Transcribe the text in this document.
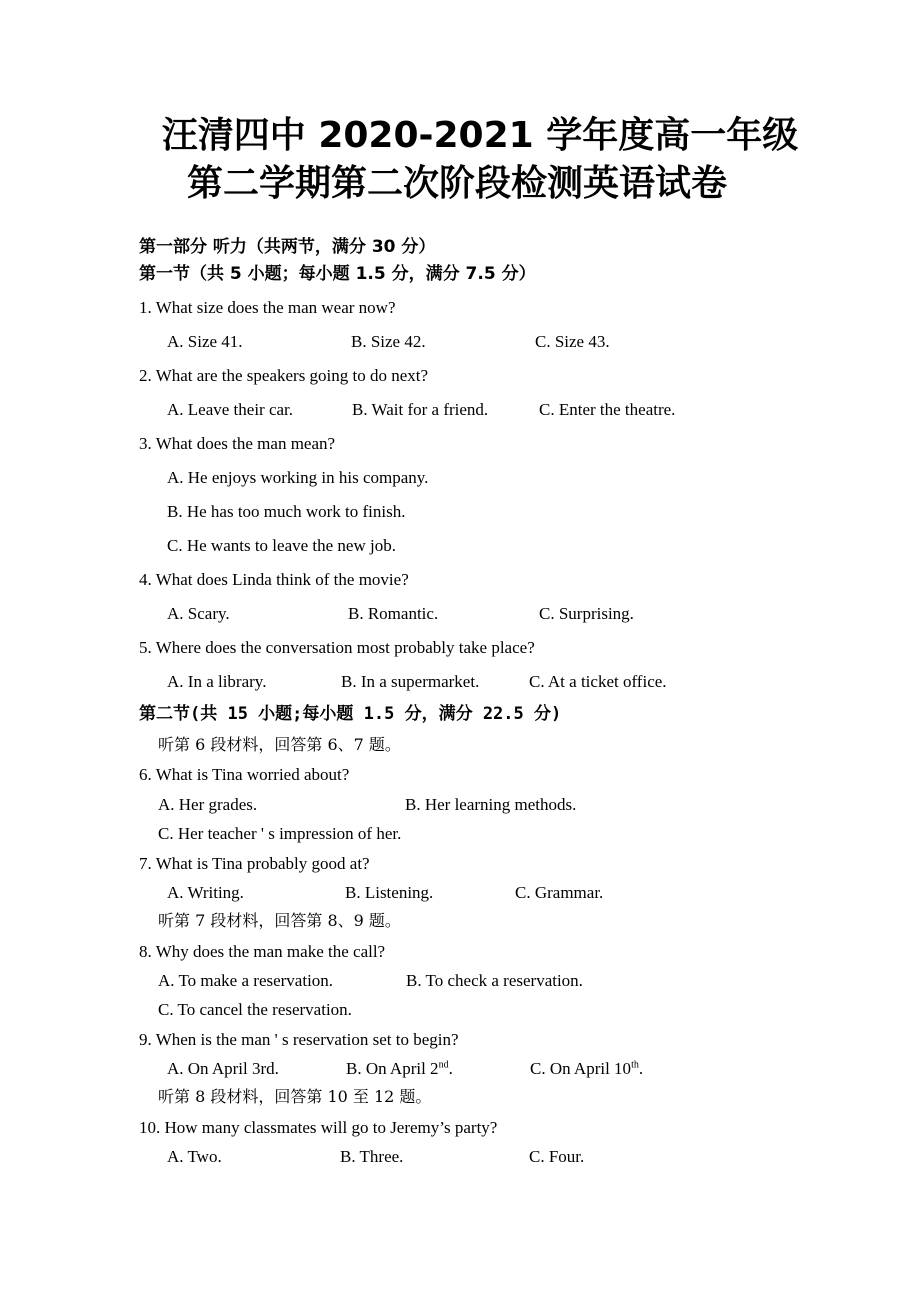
汪清四中 2020-2021 学年度高一年级
第二学期第二次阶段检测英语试卷
第一部分 听力（共两节，满分 30 分）
第一节（共 5 小题；每小题 1.5 分，满分 7.5 分）
1. What size does the man wear now?
A. Size 41.	B. Size 42.	C. Size 43.
2. What are the speakers going to do next?
A. Leave their car.	B. Wait for a friend.	C. Enter the theatre.
3. What does the man mean?
A. He enjoys working in his company.
B. He has too much work to finish.
C. He wants to leave the new job.
4. What does Linda think of the movie?
A. Scary.	B. Romantic.	C. Surprising.
5. Where does the conversation most probably take place?
A. In a library.	B. In a supermarket.	C. At a ticket office.
第二节(共 15 小题;每小题 1.5 分，满分 22.5 分)
听第 6 段材料，回答第 6、7 题。
6. What is Tina worried about?
A. Her grades.	B. Her learning methods.
C. Her teacher ' s impression of her.
7. What is Tina probably good at?
A. Writing.	B. Listening.	C. Grammar.
听第 7 段材料，回答第 8、9 题。
8. Why does the man make the call?
A. To make a reservation.	B. To check a reservation.
C. To cancel the reservation.
9. When is the man ' s reservation set to begin?
A. On April 3rd.	B. On April 2nd.	C. On April 10th.
听第 8 段材料，回答第 10 至 12 题。
10. How many classmates will go to Jeremy’s party?
A. Two.	B. Three.	C. Four.
